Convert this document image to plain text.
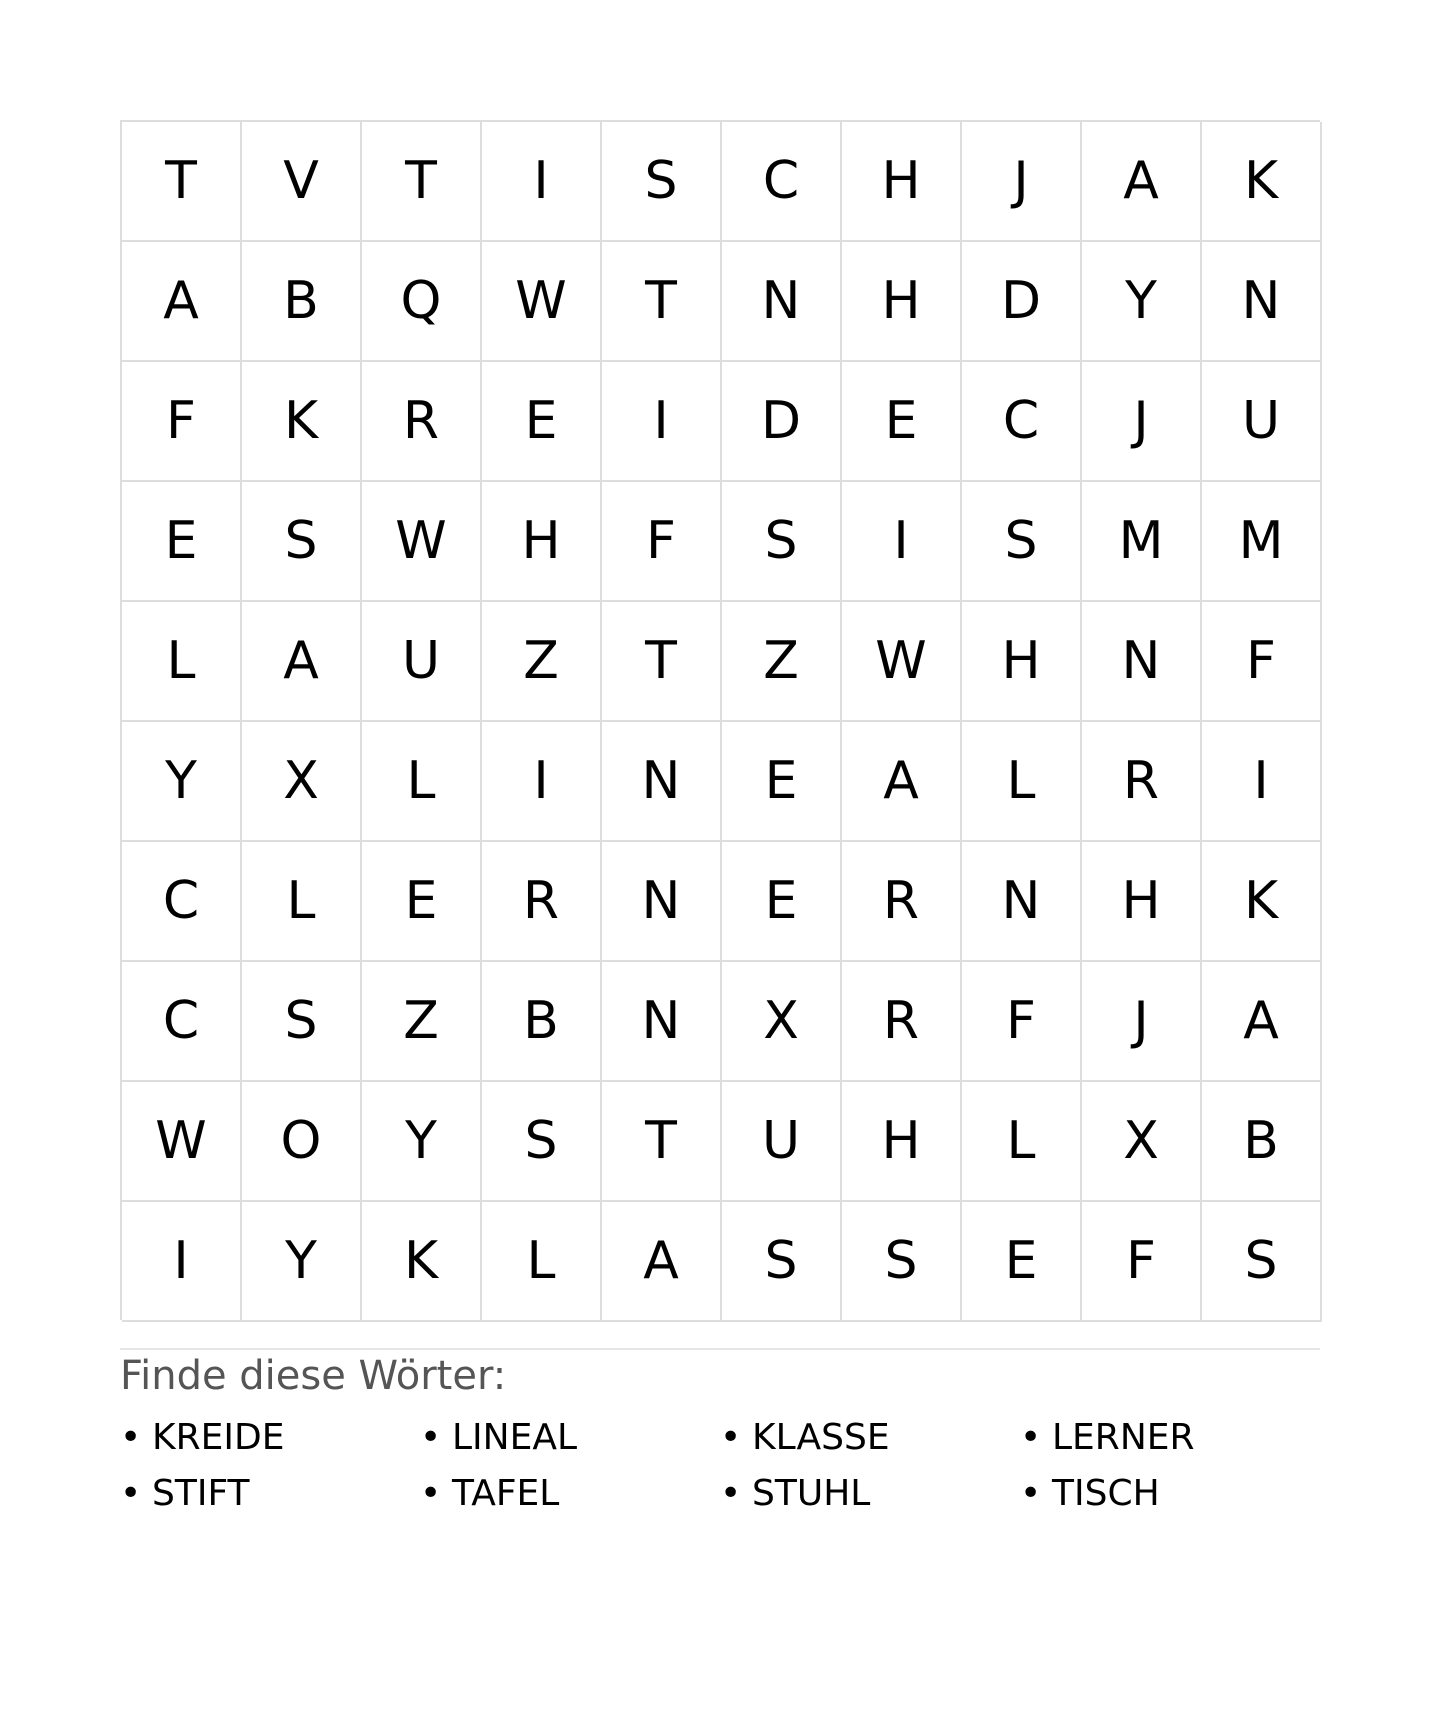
T	V	T	I	S	C	H	J	A	K
A	B	Q	W	T	N	H	D	Y	N
F	K	R	E	I	D	E	C	J	U
E	S	W	H	F	S	I	S	M	M
L	A	U	Z	T	Z	W	H	N	F
Y	X	L	I	N	E	A	L	R	I
C	L	E	R	N	E	R	N	H	K
C	S	Z	B	N	X	R	F	J	A
W	O	Y	S	T	U	H	L	X	B
I	Y	K	L	A	S	S	E	F	S
Finde diese Wörter:
• KREIDE	• LINEAL	• KLASSE	• LERNER
• STIFT	• TAFEL	• STUHL	• TISCH
